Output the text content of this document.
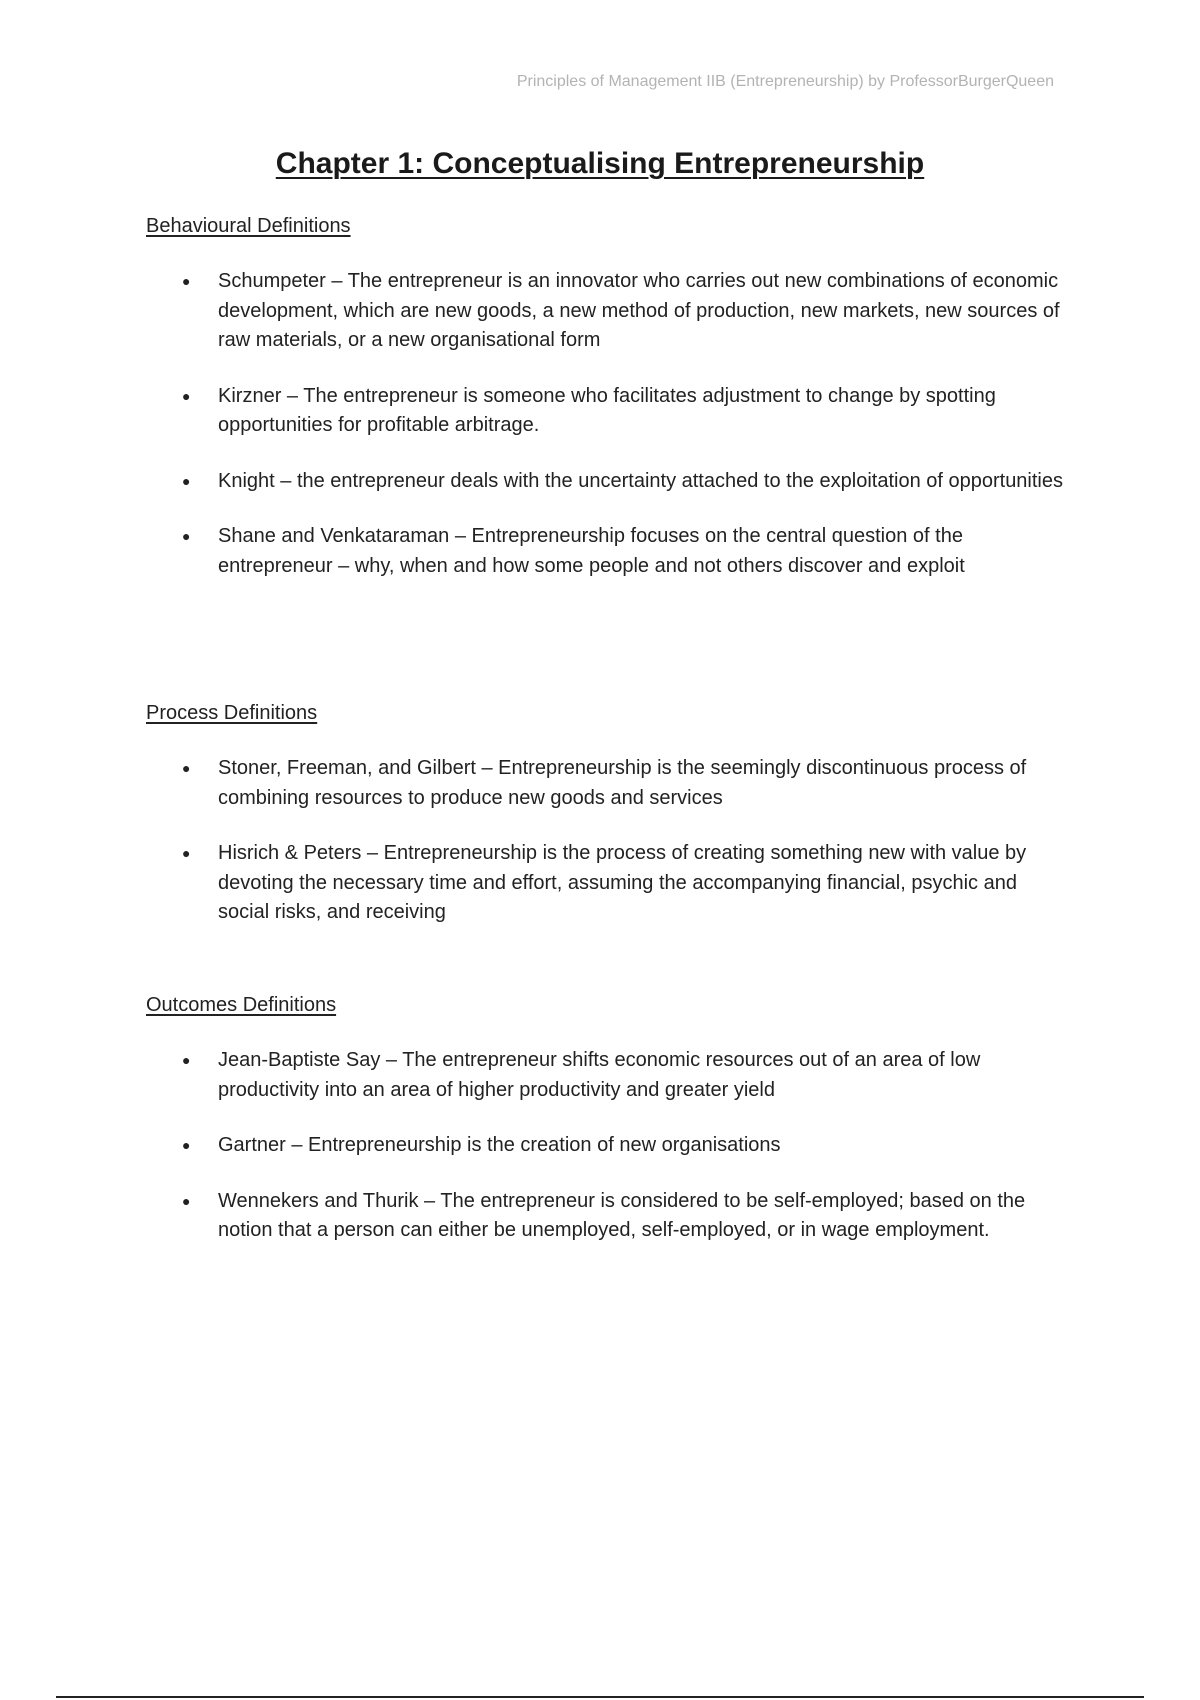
Principles of Management IIB (Entrepreneurship) by ProfessorBurgerQueen
Chapter 1: Conceptualising Entrepreneurship

Behavioural Definitions

● Schumpeter – The entrepreneur is an innovator who carries out new combinations of economic development, which are new goods, a new method of production, new markets, new sources of raw materials, or a new organisational form
● Kirzner – The entrepreneur is someone who facilitates adjustment to change by spotting opportunities for profitable arbitrage.
● Knight – the entrepreneur deals with the uncertainty attached to the exploitation of opportunities
● Shane and Venkataraman – Entrepreneurship focuses on the central question of the entrepreneur – why, when and how some people and not others discover and exploit

Process Definitions

● Stoner, Freeman, and Gilbert – Entrepreneurship is the seemingly discontinuous process of combining resources to produce new goods and services
● Hisrich & Peters – Entrepreneurship is the process of creating something new with value by devoting the necessary time and effort, assuming the accompanying financial, psychic and social risks, and receiving

Outcomes Definitions

● Jean-Baptiste Say – The entrepreneur shifts economic resources out of an area of low productivity into an area of higher productivity and greater yield
● Gartner – Entrepreneurship is the creation of new organisations
● Wennekers and Thurik – The entrepreneur is considered to be self-employed; based on the notion that a person can either be unemployed, self-employed, or in wage employment.
